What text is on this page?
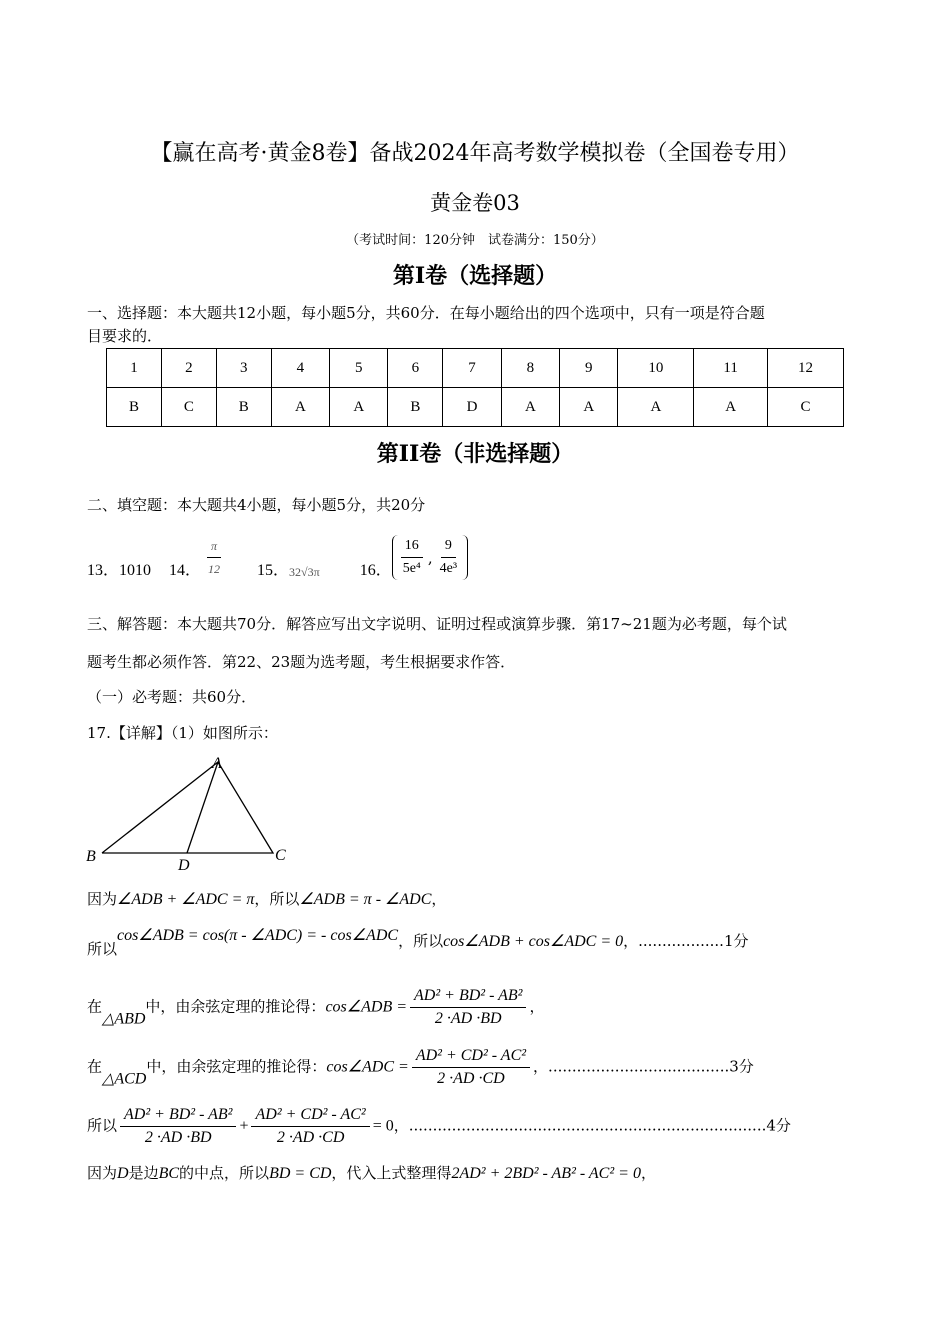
【赢在高考·黄金8卷】备战2024年高考数学模拟卷（全国卷专用）
黄金卷03
（考试时间：120分钟　试卷满分：150分）
第I卷（选择题）
一、选择题：本大题共12小题，每小题5分，共60分．在每小题给出的四个选项中，只有一项是符合题
目要求的．
1	2	3	4	5	6	7	8	9	10	11	12
B	C	B	A	A	B	D	A	A	A	A	C
第II卷（非选择题）
二、填空题：本大题共4小题，每小题5分，共20分
13．1010 14． $\frac{\pi}{12} 15$． 32√3π	16． $\frac{16}{\text{5e⁴}}$ , $\frac{9}{\text{4e³}}$
三、解答题：本大题共70分．解答应写出文字说明、证明过程或演算步骤．第17~21题为必考题，每个试
题考生都必须作答．第22、23题为选考题，考生根据要求作答．
（一）必考题：共60分．
17.【详解】（1）如图所示：
A
B	C
D
因为∠ADB + ∠ADC = π，所以∠ADB = π - ∠ADC，
所以cos∠ADB = cos(π - ∠ADC) = - cos∠ADC，所以cos∠ADB + cos∠ADC = 0，..................1分
在△ABD中，由余弦定理的推论得：cos∠ADB = $\frac{\text{AD² + BD² - AB²}}{2 \cdot AD \cdot BD}$ ，
在△ACD中，由余弦定理的推论得：cos∠ADC = $\frac{\text{AD² + CD² - AC²}}{2 \cdot AD \cdot CD}$ ，......................................3分
所以 $\frac{\text{AD² + BD² - AB²}}{2 \cdot AD \cdot BD} + \frac{\text{AD² + CD² - AC²}}{2 \cdot AD \cdot CD} = 0$，...........................................................................4分
因为D是边BC的中点，所以BD = CD，代入上式整理得2AD² + 2BD² - AB² - AC² = 0，
